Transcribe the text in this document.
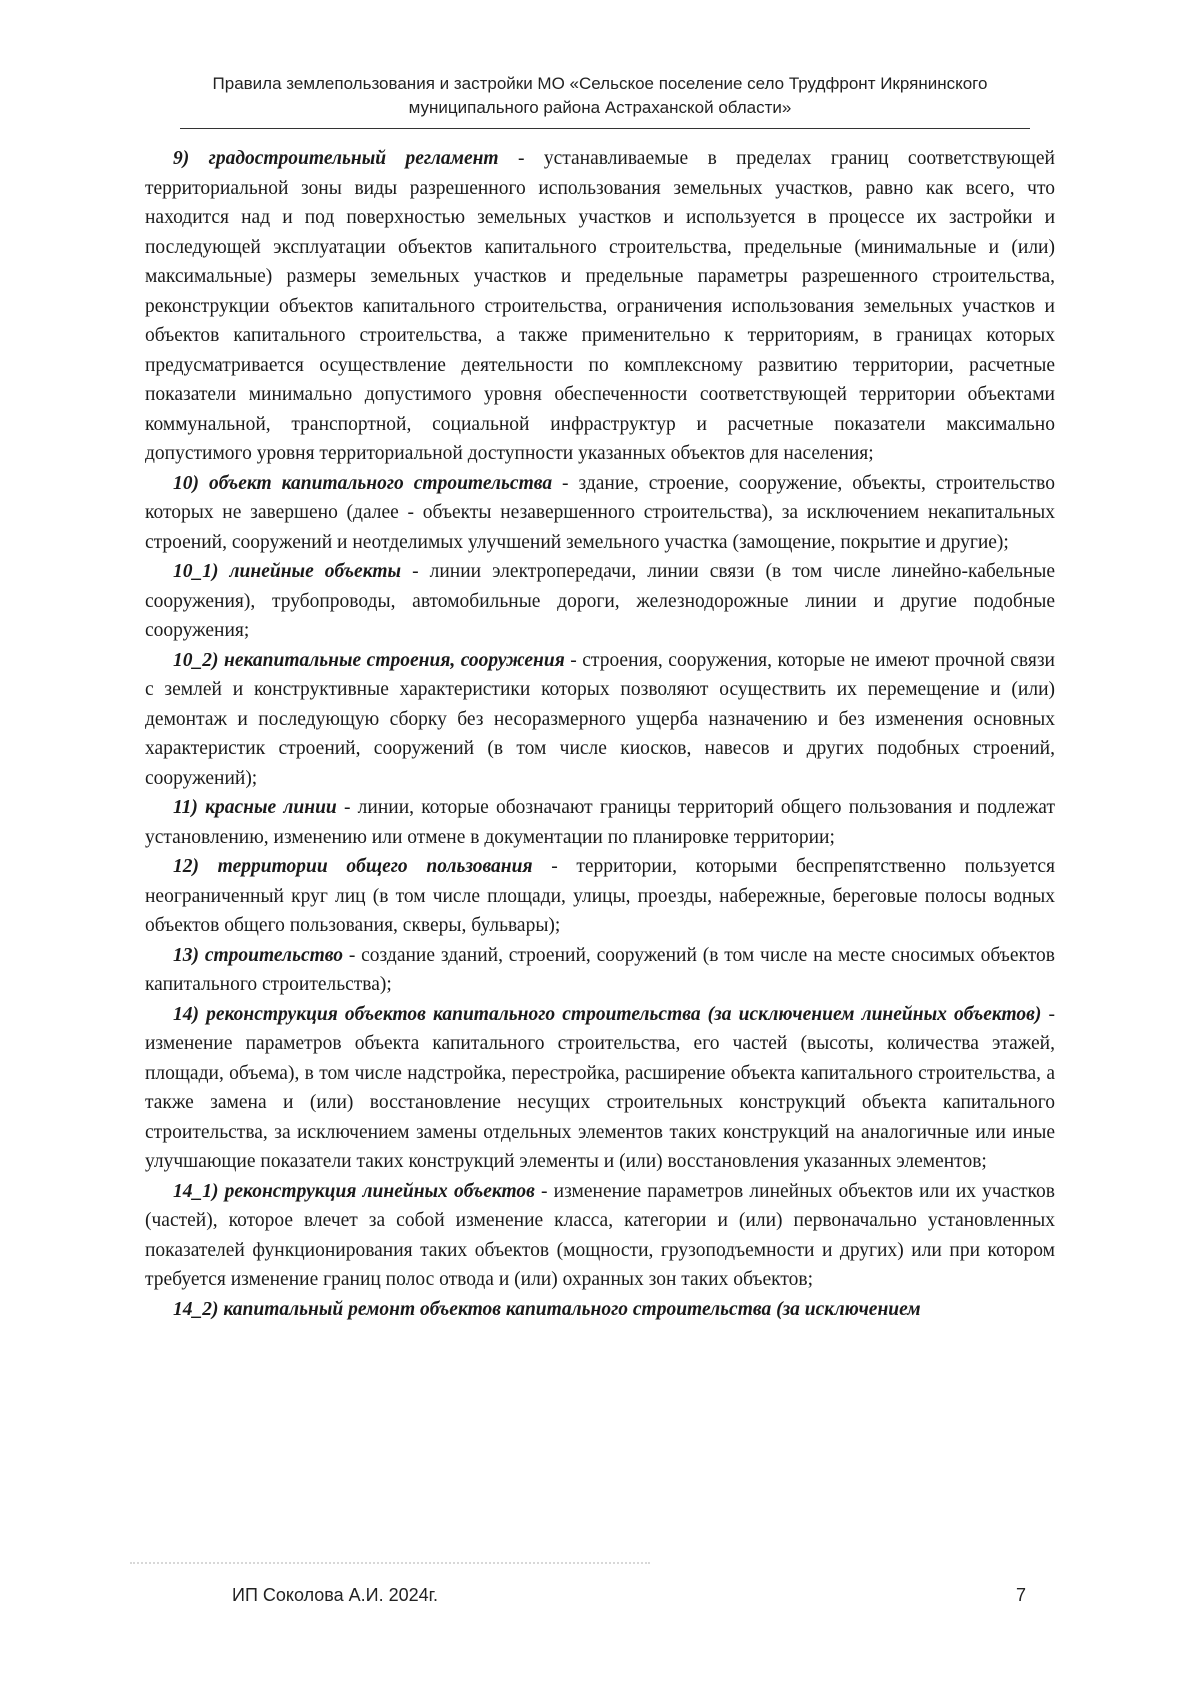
Правила землепользования и застройки МО «Сельское поселение село Трудфронт Икрянинского
муниципального района Астраханской области»

9) градостроительный регламент - устанавливаемые в пределах границ соответствующей территориальной зоны виды разрешенного использования земельных участков, равно как всего, что находится над и под поверхностью земельных участков и используется в процессе их застройки и последующей эксплуатации объектов капитального строительства, предельные (минимальные и (или) максимальные) размеры земельных участков и предельные параметры разрешенного строительства, реконструкции объектов капитального строительства, ограничения использования земельных участков и объектов капитального строительства, а также применительно к территориям, в границах которых предусматривается осуществление деятельности по комплексному развитию территории, расчетные показатели минимально допустимого уровня обеспеченности соответствующей территории объектами коммунальной, транспортной, социальной инфраструктур и расчетные показатели максимально допустимого уровня территориальной доступности указанных объектов для населения;

10) объект капитального строительства - здание, строение, сооружение, объекты, строительство которых не завершено (далее - объекты незавершенного строительства), за исключением некапитальных строений, сооружений и неотделимых улучшений земельного участка (замощение, покрытие и другие);

10_1) линейные объекты - линии электропередачи, линии связи (в том числе линейно-кабельные сооружения), трубопроводы, автомобильные дороги, железнодорожные линии и другие подобные сооружения;

10_2) некапитальные строения, сооружения - строения, сооружения, которые не имеют прочной связи с землей и конструктивные характеристики которых позволяют осуществить их перемещение и (или) демонтаж и последующую сборку без несоразмерного ущерба назначению и без изменения основных характеристик строений, сооружений (в том числе киосков, навесов и других подобных строений, сооружений);

11) красные линии - линии, которые обозначают границы территорий общего пользования и подлежат установлению, изменению или отмене в документации по планировке территории;

12) территории общего пользования - территории, которыми беспрепятственно пользуется неограниченный круг лиц (в том числе площади, улицы, проезды, набережные, береговые полосы водных объектов общего пользования, скверы, бульвары);

13) строительство - создание зданий, строений, сооружений (в том числе на месте сносимых объектов капитального строительства);

14) реконструкция объектов капитального строительства (за исключением линейных объектов) - изменение параметров объекта капитального строительства, его частей (высоты, количества этажей, площади, объема), в том числе надстройка, перестройка, расширение объекта капитального строительства, а также замена и (или) восстановление несущих строительных конструкций объекта капитального строительства, за исключением замены отдельных элементов таких конструкций на аналогичные или иные улучшающие показатели таких конструкций элементы и (или) восстановления указанных элементов;

14_1) реконструкция линейных объектов - изменение параметров линейных объектов или их участков (частей), которое влечет за собой изменение класса, категории и (или) первоначально установленных показателей функционирования таких объектов (мощности, грузоподъемности и других) или при котором требуется изменение границ полос отвода и (или) охранных зон таких объектов;

14_2) капитальный ремонт объектов капитального строительства (за исключением

ИП Соколова А.И. 2024г.	7
